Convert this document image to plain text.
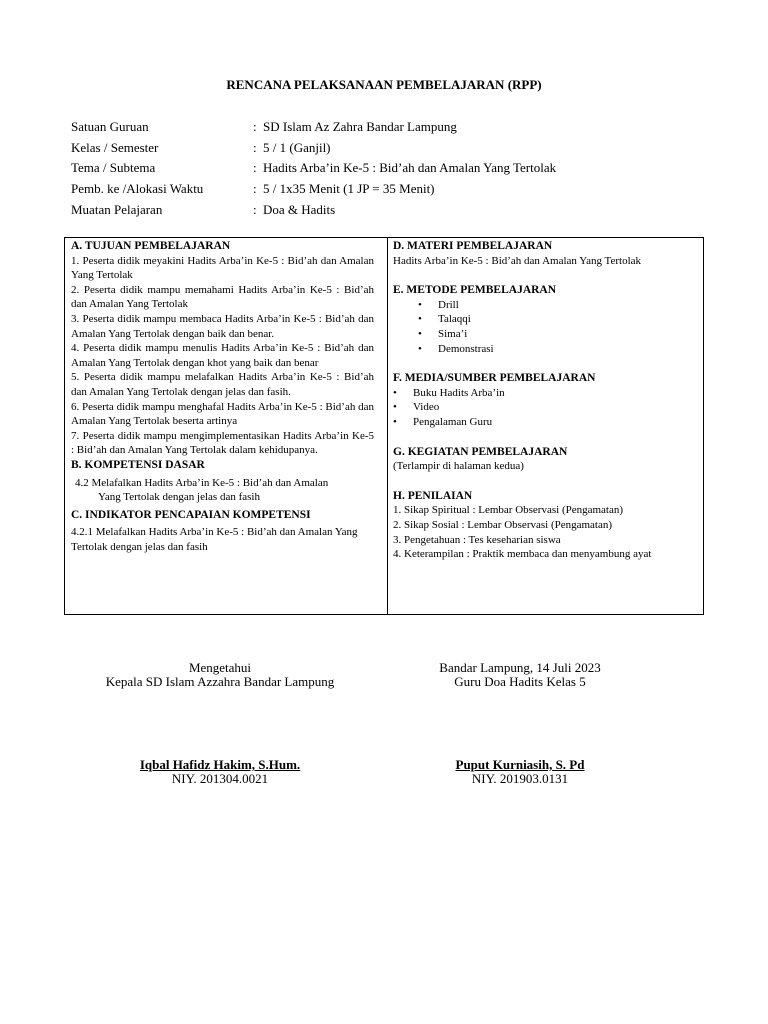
RENCANA PELAKSANAAN PEMBELAJARAN (RPP)
Satuan Guruan	: SD Islam Az Zahra Bandar Lampung
Kelas / Semester	: 5 / 1 (Ganjil)
Tema / Subtema	: Hadits Arba’in Ke-5 : Bid’ah dan Amalan Yang Tertolak
Pemb. ke /Alokasi Waktu	: 5 / 1x35 Menit (1 JP = 35 Menit)
Muatan Pelajaran	: Doa & Hadits
A. TUJUAN PEMBELAJARAN

1. Peserta didik meyakini Hadits Arba’in Ke-5 : Bid’ah dan Amalan Yang Tertolak

2. Peserta didik mampu memahami Hadits Arba’in Ke-5 : Bid’ah dan Amalan Yang Tertolak

3. Peserta didik mampu membaca Hadits Arba’in Ke-5 : Bid’ah dan Amalan Yang Tertolak dengan baik dan benar.

4. Peserta didik mampu menulis Hadits Arba’in Ke-5 : Bid’ah dan Amalan Yang Tertolak dengan khot yang baik dan benar

5. Peserta didik mampu melafalkan Hadits Arba’in Ke-5 : Bid’ah dan Amalan Yang Tertolak dengan jelas dan fasih.

6. Peserta didik mampu menghafal Hadits Arba’in Ke-5 : Bid’ah dan Amalan Yang Tertolak beserta artinya

7. Peserta didik mampu mengimplementasikan Hadits Arba’in Ke-5 : Bid’ah dan Amalan Yang Tertolak dalam kehidupanya.

B. KOMPETENSI DASAR

4.2 Melafalkan Hadits Arba’in Ke-5 : Bid’ah dan Amalan

Yang Tertolak dengan jelas dan fasih

C. INDIKATOR PENCAPAIAN KOMPETENSI

4.2.1 Melafalkan Hadits Arba’in Ke-5 : Bid’ah dan Amalan Yang Tertolak dengan jelas dan fasih

D. MATERI PEMBELAJARAN

Hadits Arba’in Ke-5 : Bid’ah dan Amalan Yang Tertolak

E. METODE PEMBELAJARAN
• Drill
• Talaqqi
• Sima’i
• Demonstrasi
F. MEDIA/SUMBER PEMBELAJARAN
• Buku Hadits Arba’in
• Video
• Pengalaman Guru
G. KEGIATAN PEMBELAJARAN

(Terlampir di halaman kedua)

H. PENILAIAN

1. Sikap Spiritual : Lembar Observasi (Pengamatan)

2. Sikap Sosial : Lembar Observasi (Pengamatan)

3. Pengetahuan : Tes keseharian siswa

4. Keterampilan : Praktik membaca dan menyambung ayat

Mengetahui
Kepala SD Islam Azzahra Bandar Lampung
Bandar Lampung, 14 Juli 2023
Guru Doa Hadits Kelas 5
Iqbal Hafidz Hakim, S.Hum.
NIY. 201304.0021
Puput Kurniasih, S. Pd
NIY. 201903.0131
